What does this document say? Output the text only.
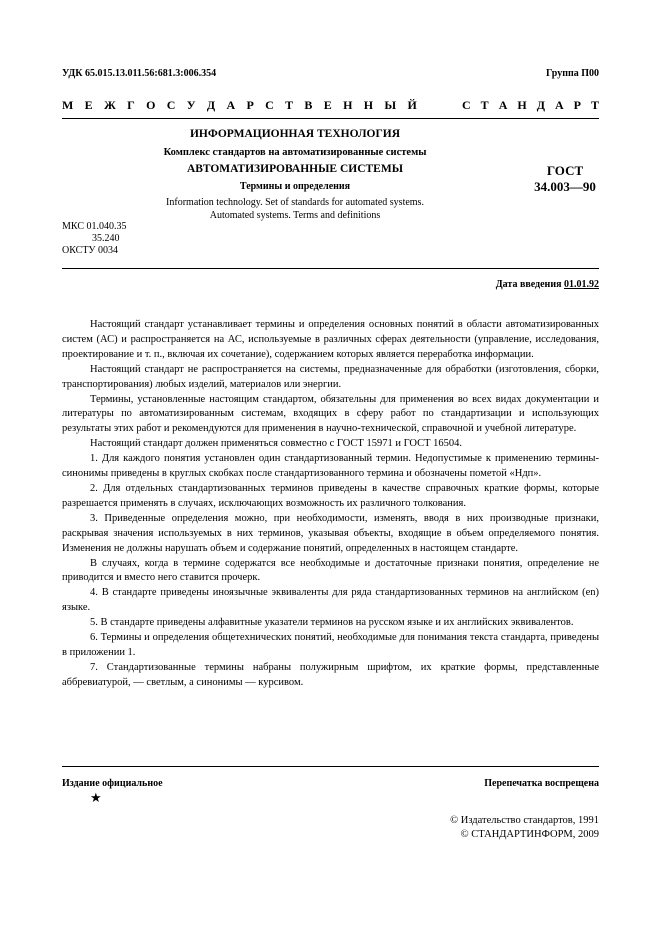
УДК 65.015.13.011.56:681.3:006.354	Группа П00
М Е Ж Г О С У Д А Р С Т В Е Н Н Ы Й	С Т А Н Д А Р Т
ИНФОРМАЦИОННАЯ ТЕХНОЛОГИЯ
Комплекс стандартов на автоматизированные системы
АВТОМАТИЗИРОВАННЫЕ СИСТЕМЫ
Термины и определения
Information technology. Set of standards for automated systems.
Automated systems. Terms and definitions
ГОСТ
34.003—90
МКС 01.040.35
35.240
ОКСТУ 0034
Дата введения 01.01.92

Настоящий стандарт устанавливает термины и определения основных понятий в области автоматизированных систем (АС) и распространяется на АС, используемые в различных сферах деятельности (управление, исследования, проектирование и т. п., включая их сочетание), содержанием которых является переработка информации.

Настоящий стандарт не распространяется на системы, предназначенные для обработки (изготовления, сборки, транспортирования) любых изделий, материалов или энергии.

Термины, установленные настоящим стандартом, обязательны для применения во всех видах документации и литературы по автоматизированным системам, входящих в сферу работ по стандартизации и использующих результаты этих работ и рекомендуются для применения в научно-технической, справочной и учебной литературе.

Настоящий стандарт должен применяться совместно с ГОСТ 15971 и ГОСТ 16504.

1. Для каждого понятия установлен один стандартизованный термин. Недопустимые к применению термины-синонимы приведены в круглых скобках после стандартизованного термина и обозначены пометой «Ндп».

2. Для отдельных стандартизованных терминов приведены в качестве справочных краткие формы, которые разрешается применять в случаях, исключающих возможность их различного толкования.

3. Приведенные определения можно, при необходимости, изменять, вводя в них производные признаки, раскрывая значения используемых в них терминов, указывая объекты, входящие в объем определяемого понятия. Изменения не должны нарушать объем и содержание понятий, определенных в настоящем стандарте.

В случаях, когда в термине содержатся все необходимые и достаточные признаки понятия, определение не приводится и вместо него ставится прочерк.

4. В стандарте приведены иноязычные эквиваленты для ряда стандартизованных терминов на английском (en) языке.

5. В стандарте приведены алфавитные указатели терминов на русском языке и их английских эквивалентов.

6. Термины и определения общетехнических понятий, необходимые для понимания текста стандарта, приведены в приложении 1.

7. Стандартизованные термины набраны полужирным шрифтом, их краткие формы, представленные аббревиатурой, — светлым, а синонимы — курсивом.

Издание официальное
★
Перепечатка воспрещена
© Издательство стандартов, 1991
© СТАНДАРТИНФОРМ, 2009
